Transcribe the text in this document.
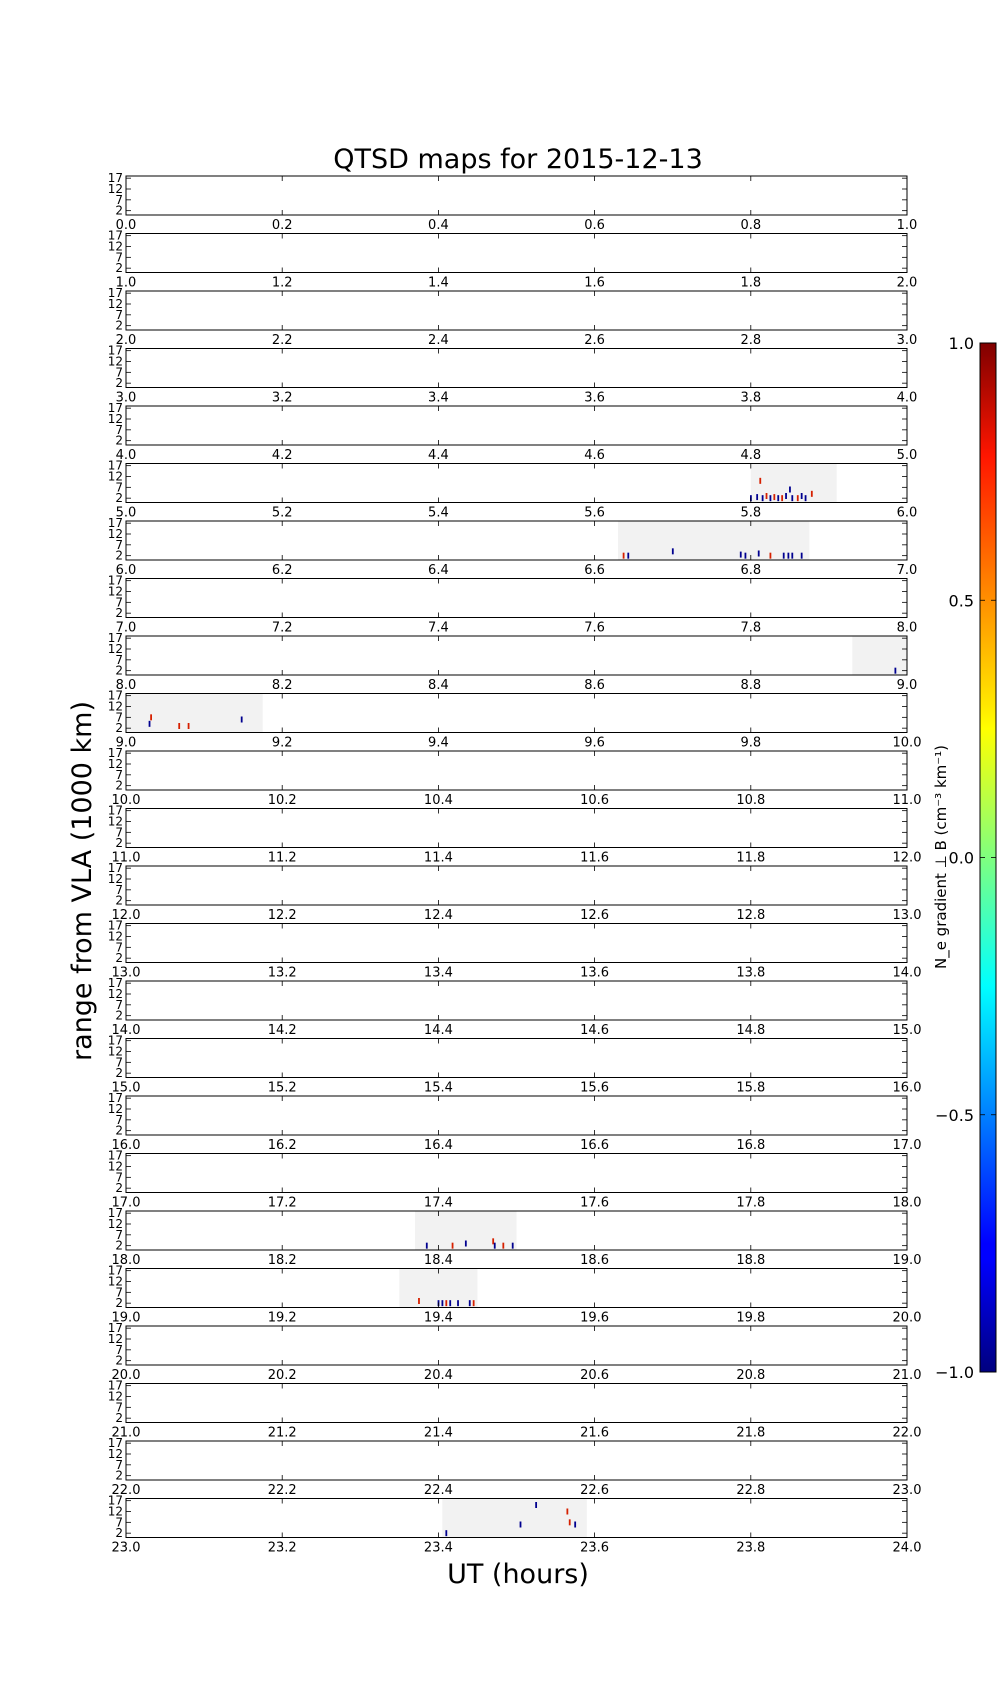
QTSD maps for 2015-12-13
17
12
7
2
0.0	0.2	0.4	0.6	0.8	1.0
17
12
7
2
1.0	1.2	1.4	1.6	1.8	2.0
17
12
7
2
2.0	2.2	2.4	2.6	2.8	3.0
17
12
7
2
3.0	3.2	3.4	3.6	3.8	4.0
17
12
7
2
4.0	4.2	4.4	4.6	4.8	5.0
17
12
7
2
5.0	5.2	5.4	5.6	5.8	6.0
17
12
7
2
6.0	6.2	6.4	6.6	6.8	7.0
17
12
7
2
7.0	7.2	7.4	7.6	7.8	8.0
17
12
7
2
8.0	8.2	8.4	8.6	8.8	9.0
17
12
7
2
9.0	9.2	9.4	9.6	9.8	10.0
17
12
7
2
10.0	10.2	10.4	10.6	10.8	11.0
17
12
7
2
11.0	11.2	11.4	11.6	11.8	12.0
17
12
7
2
12.0	12.2	12.4	12.6	12.8	13.0
17
12
7
2
13.0	13.2	13.4	13.6	13.8	14.0
17
12
7
2
14.0	14.2	14.4	14.6	14.8	15.0
17
12
7
2
15.0	15.2	15.4	15.6	15.8	16.0
17
12
7
2
16.0	16.2	16.4	16.6	16.8	17.0
17
12
7
2
17.0	17.2	17.4	17.6	17.8	18.0
17
12
7
2
18.0	18.2	18.4	18.6	18.8	19.0
17
12
7
2
19.0	19.2	19.4	19.6	19.8	20.0
17
12
7
2
20.0	20.2	20.4	20.6	20.8	21.0
17
12
7
2
21.0	21.2	21.4	21.6	21.8	22.0
17
12
7
2
22.0	22.2	22.4	22.6	22.8	23.0
17
12
7
2
23.0	23.2	23.4	23.6	23.8	24.0
UT (hours)
range from VLA (1000 km)
1.0
0.5
0.0
−0.5
−1.0
N_e gradient ⊥ B (cm⁻³ km⁻¹)
